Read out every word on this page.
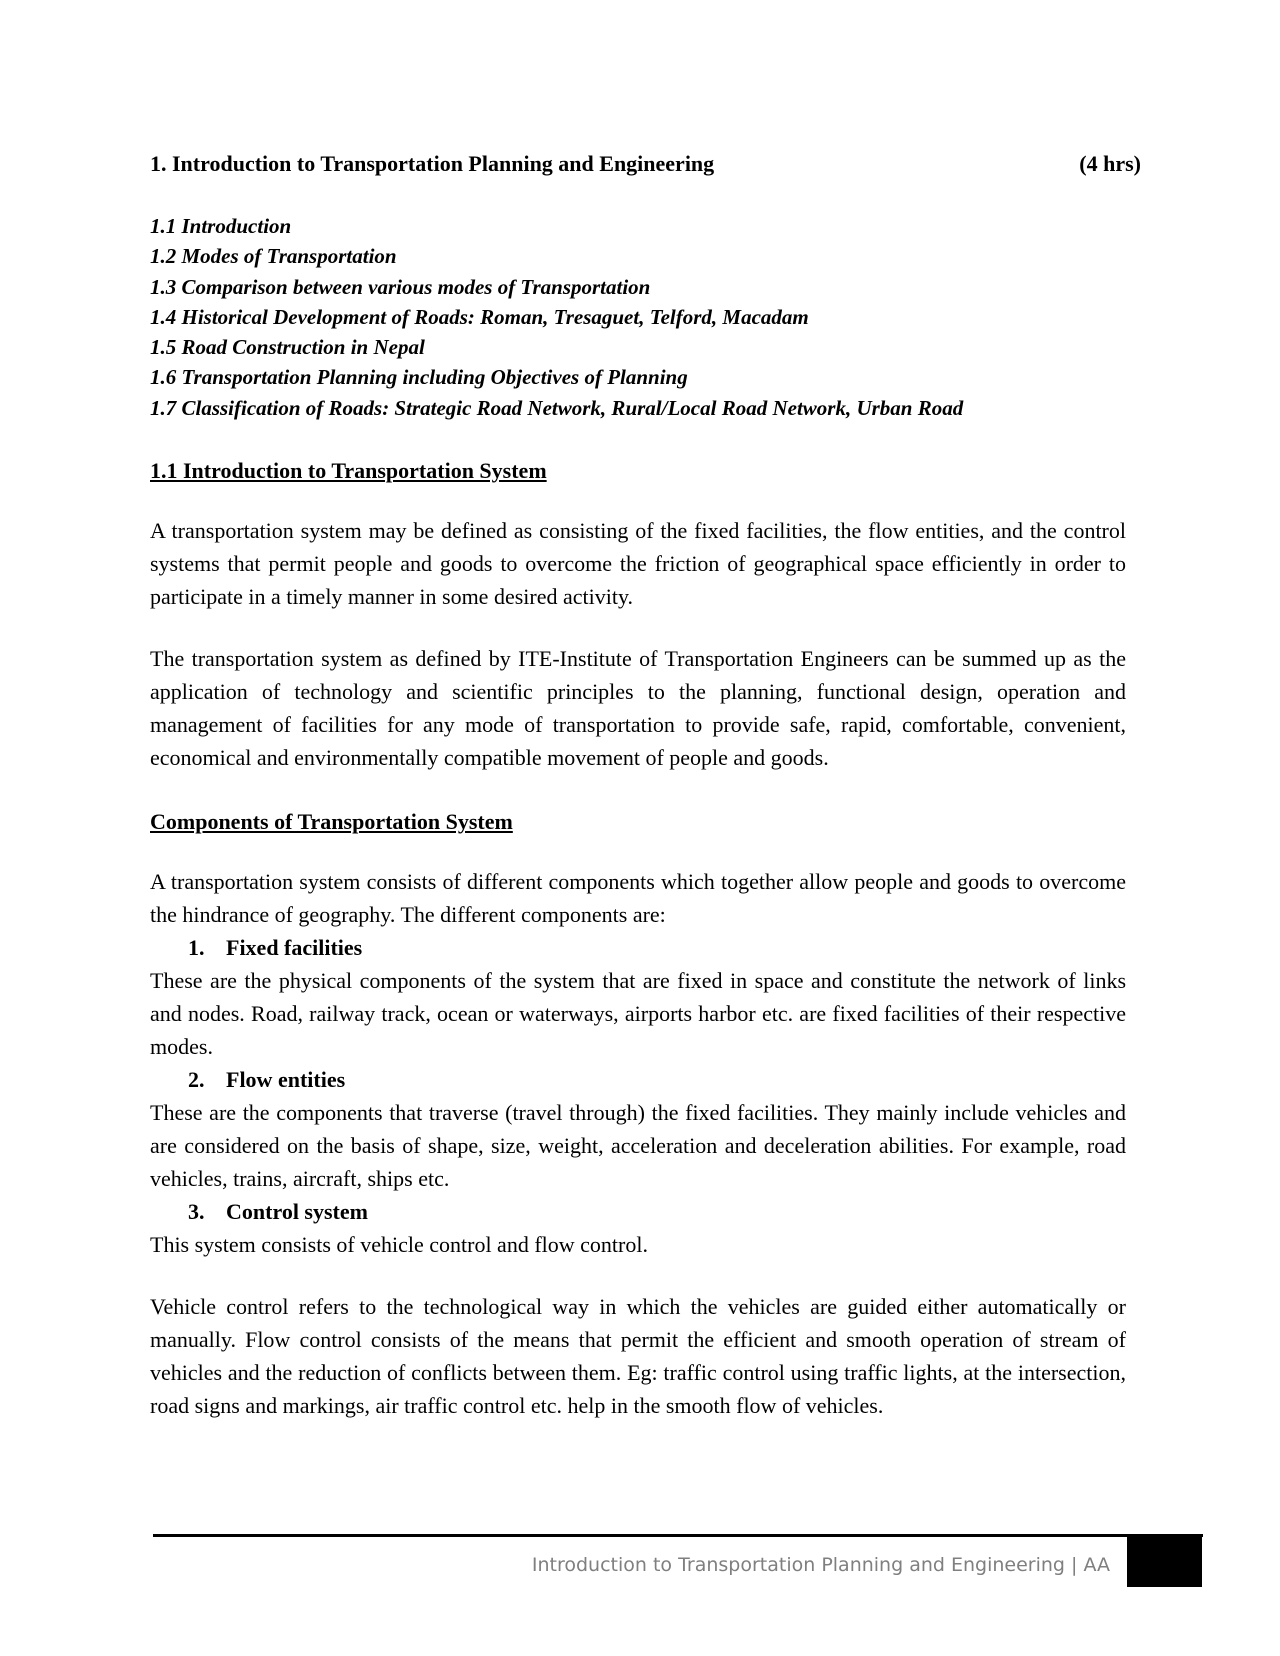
1. Introduction to Transportation Planning and Engineering	(4 hrs)
1.1 Introduction
1.2 Modes of Transportation
1.3 Comparison between various modes of Transportation
1.4 Historical Development of Roads: Roman, Tresaguet, Telford, Macadam
1.5 Road Construction in Nepal
1.6 Transportation Planning including Objectives of Planning
1.7 Classification of Roads: Strategic Road Network, Rural/Local Road Network, Urban Road
1.1 Introduction to Transportation System

A transportation system may be defined as consisting of the fixed facilities, the flow entities, and the control systems that permit people and goods to overcome the friction of geographical space efficiently in order to participate in a timely manner in some desired activity.

The transportation system as defined by ITE-Institute of Transportation Engineers can be summed up as the application of technology and scientific principles to the planning, functional design, operation and management of facilities for any mode of transportation to provide safe, rapid, comfortable, convenient, economical and environmentally compatible movement of people and goods.

Components of Transportation System

A transportation system consists of different components which together allow people and goods to overcome the hindrance of geography. The different components are:

1. Fixed facilities

These are the physical components of the system that are fixed in space and constitute the network of links and nodes. Road, railway track, ocean or waterways, airports harbor etc. are fixed facilities of their respective modes.

2. Flow entities

These are the components that traverse (travel through) the fixed facilities. They mainly include vehicles and are considered on the basis of shape, size, weight, acceleration and deceleration abilities. For example, road vehicles, trains, aircraft, ships etc.

3. Control system

This system consists of vehicle control and flow control.

Vehicle control refers to the technological way in which the vehicles are guided either automatically or manually. Flow control consists of the means that permit the efficient and smooth operation of stream of vehicles and the reduction of conflicts between them. Eg: traffic control using traffic lights, at the intersection, road signs and markings, air traffic control etc. help in the smooth flow of vehicles.

Introduction to Transportation Planning and Engineering | AA
